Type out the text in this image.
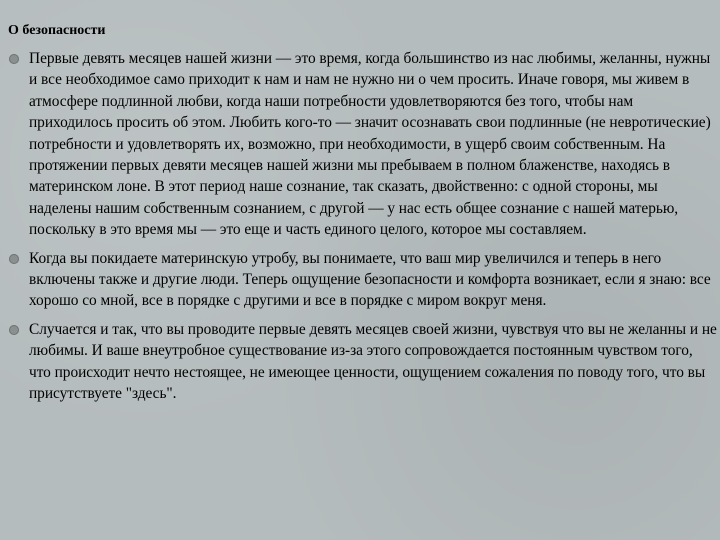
О безопасности
Первые девять месяцев нашей жизни — это время, когда большинство из нас любимы, желанны, нужны и все необходимое само приходит к нам и нам не нужно ни о чем просить. Иначе говоря, мы живем в атмосфере подлинной любви, когда наши потребности удовлетворяются без того, чтобы нам приходилось просить об этом. Любить кого-то — значит осознавать свои подлинные (не невротические) потребности и удовлетворять их, возможно, при необходимости, в ущерб своим собственным. На протяжении первых девяти месяцев нашей жизни мы пребываем в полном блаженстве, находясь в материнском лоне. В этот период наше сознание, так сказать, двойственно: с одной стороны, мы наделены нашим собственным сознанием, с другой — у нас есть общее сознание с нашей матерью, поскольку в это время мы — это еще и часть единого целого, которое мы составляем.
Когда вы покидаете материнскую утробу, вы понимаете, что ваш мир увеличился и теперь в него включены также и другие люди. Теперь ощущение безопасности и комфорта возникает, если я знаю: все хорошо со мной, все в порядке с другими и все в порядке с миром вокруг меня.
Случается и так, что вы проводите первые девять месяцев своей жизни, чувствуя что вы не желанны и не любимы. И ваше внеутробное существование из-за этого сопровождается постоянным чувством того, что происходит нечто нестоящее, не имеющее ценности, ощущением сожаления по поводу того, что вы присутствуете "здесь".
